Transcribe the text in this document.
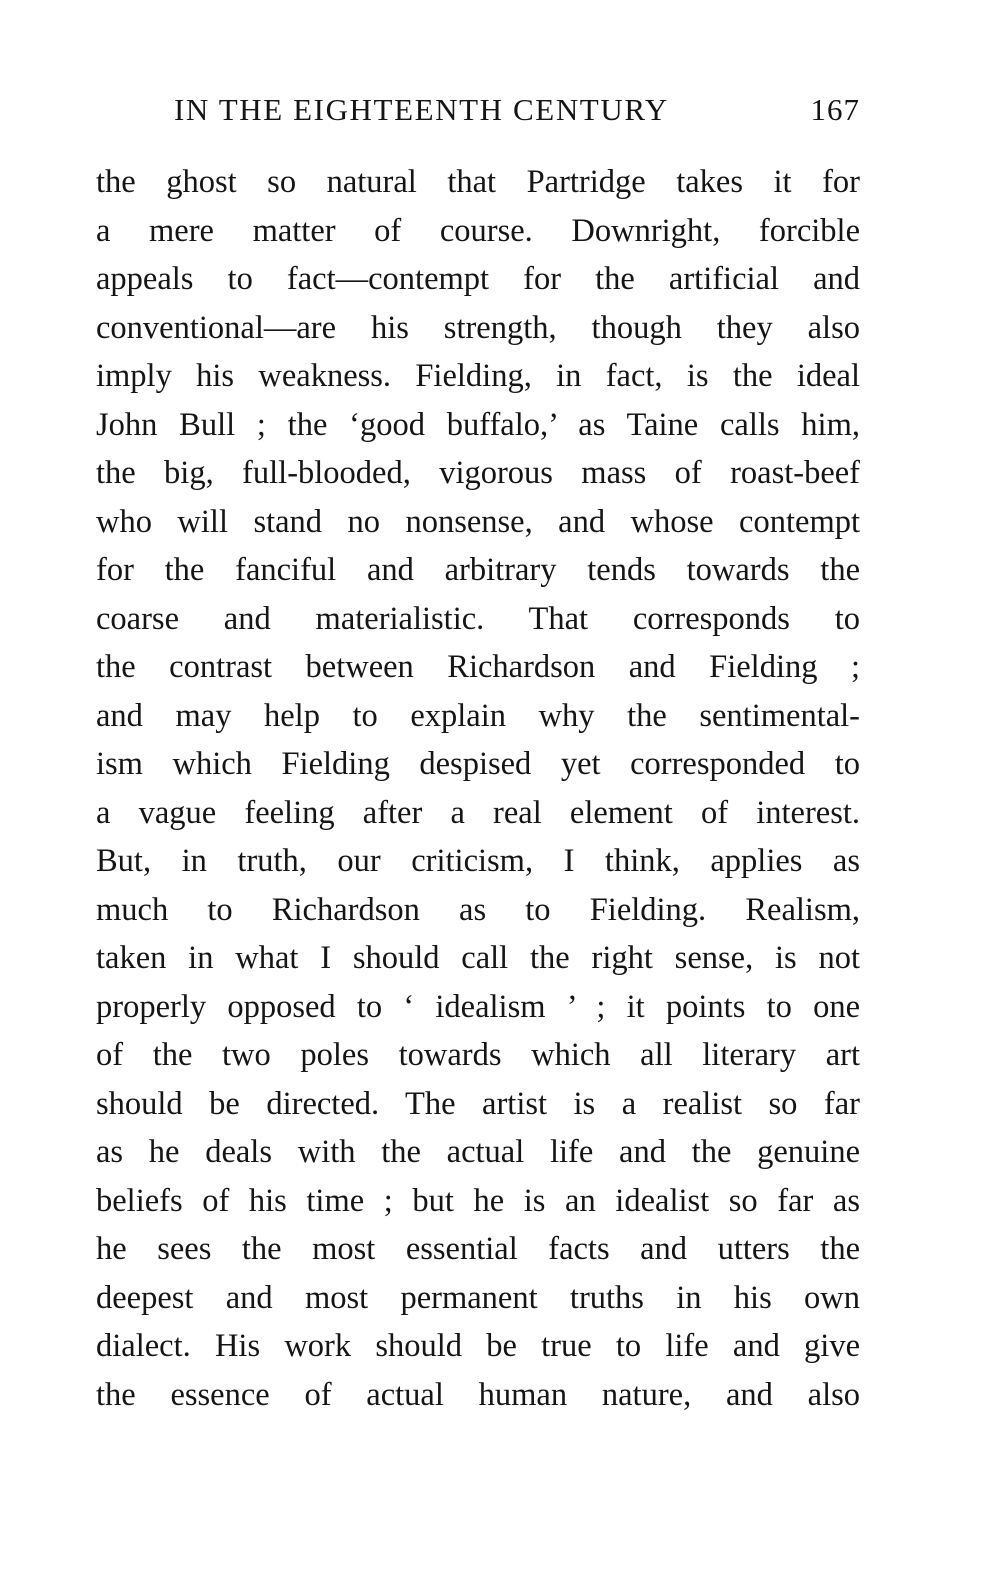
IN THE EIGHTEENTH CENTURY	167
the ghost so natural that Partridge takes it for
a mere matter of course. Downright, forcible
appeals to fact—contempt for the artificial and
conventional—are his strength, though they also
imply his weakness. Fielding, in fact, is the ideal
John Bull ; the ‘good buffalo,’ as Taine calls him,
the big, full-blooded, vigorous mass of roast-beef
who will stand no nonsense, and whose contempt
for the fanciful and arbitrary tends towards the
coarse and materialistic. That corresponds to
the contrast between Richardson and Fielding ;
and may help to explain why the sentimental-
ism which Fielding despised yet corresponded to
a vague feeling after a real element of interest.
But, in truth, our criticism, I think, applies as
much to Richardson as to Fielding. Realism,
taken in what I should call the right sense, is not
properly opposed to ‘ idealism ’ ; it points to one
of the two poles towards which all literary art
should be directed. The artist is a realist so far
as he deals with the actual life and the genuine
beliefs of his time ; but he is an idealist so far as
he sees the most essential facts and utters the
deepest and most permanent truths in his own
dialect. His work should be true to life and give
the essence of actual human nature, and also
